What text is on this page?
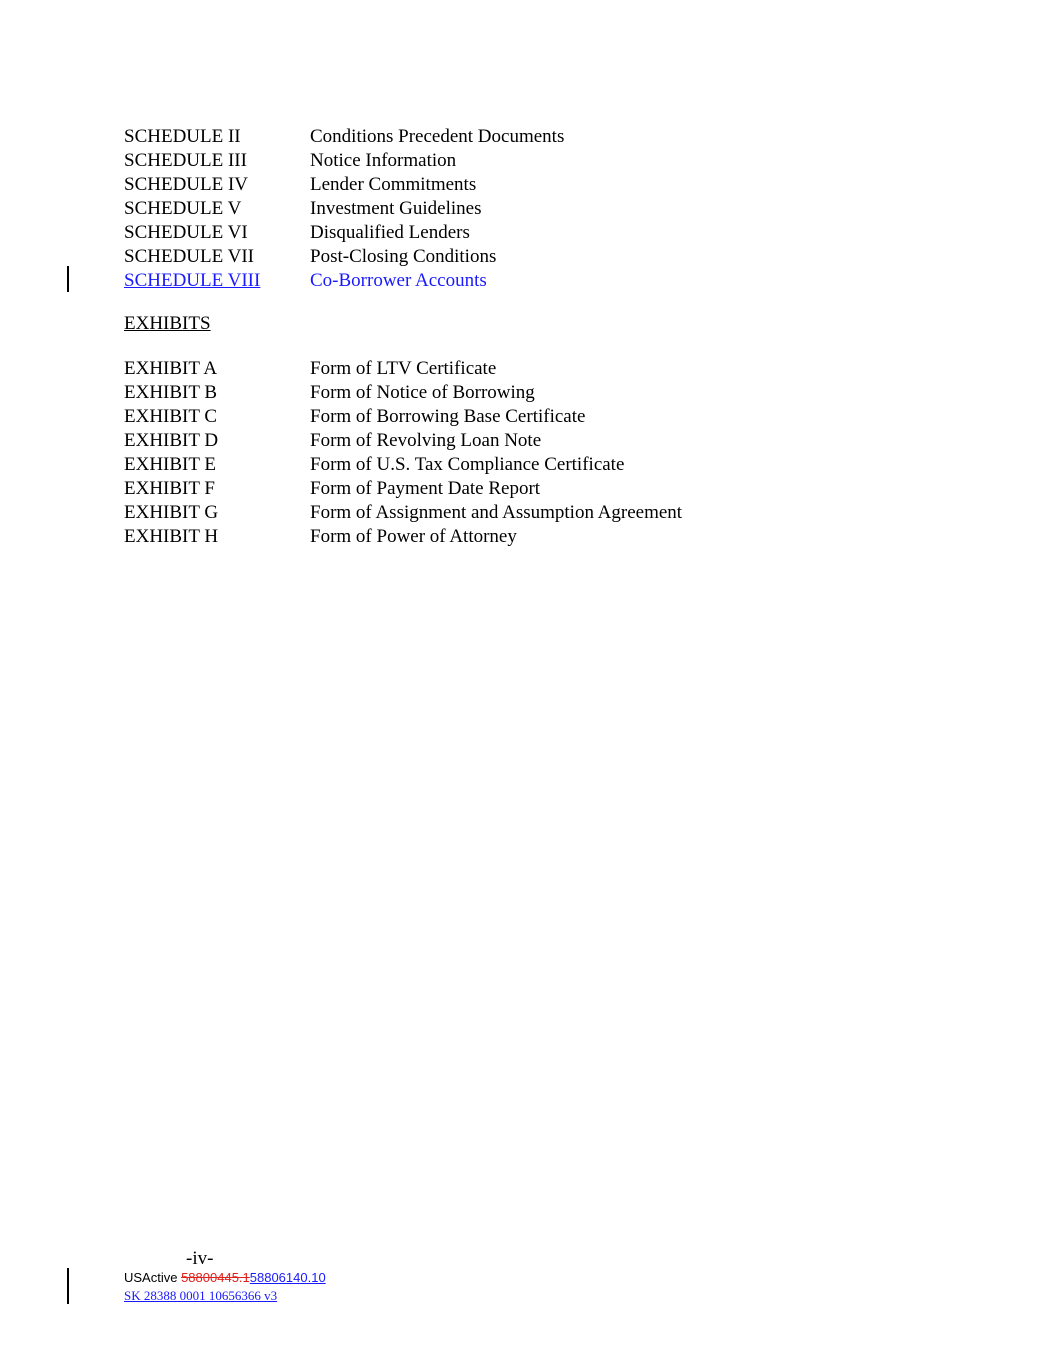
SCHEDULE II	Conditions Precedent Documents
SCHEDULE III	Notice Information
SCHEDULE IV	Lender Commitments
SCHEDULE V	Investment Guidelines
SCHEDULE VI	Disqualified Lenders
SCHEDULE VII	Post-Closing Conditions
SCHEDULE VIII	Co-Borrower Accounts
EXHIBITS
EXHIBIT A	Form of LTV Certificate
EXHIBIT B	Form of Notice of Borrowing
EXHIBIT C	Form of Borrowing Base Certificate
EXHIBIT D	Form of Revolving Loan Note
EXHIBIT E	Form of U.S. Tax Compliance Certificate
EXHIBIT F	Form of Payment Date Report
EXHIBIT G	Form of Assignment and Assumption Agreement
EXHIBIT H	Form of Power of Attorney
-iv-
USActive 58800445.158806140.10
SK 28388 0001 10656366 v3
